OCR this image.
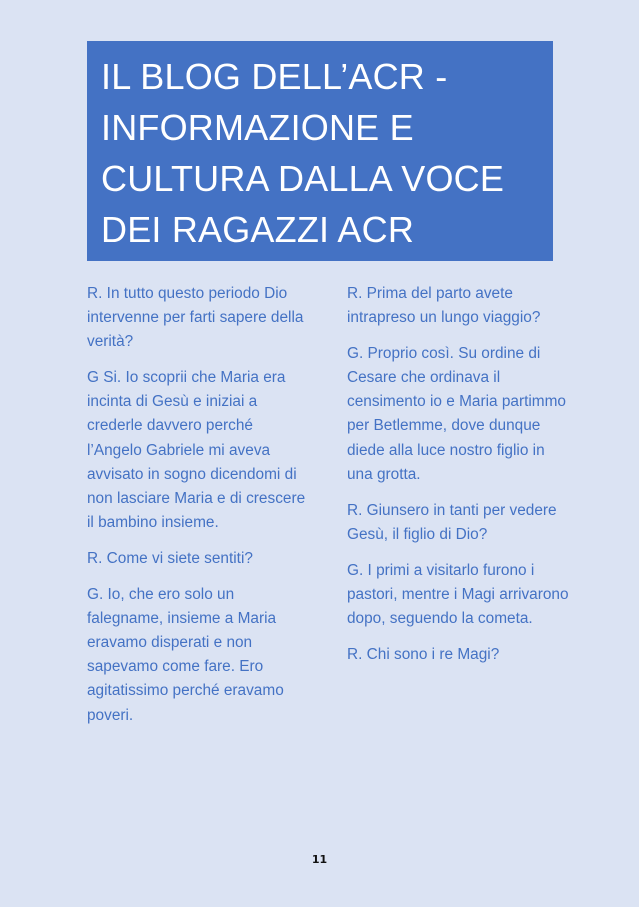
IL BLOG DELL’ACR - INFORMAZIONE E CULTURA DALLA VOCE DEI RAGAZZI ACR

R. In tutto questo periodo Dio intervenne per farti sapere della verità?

G Si. Io scoprii che Maria era incinta di Gesù e iniziai a crederle davvero perché l’Angelo Gabriele mi aveva avvisato in sogno dicendomi di non lasciare Maria e di crescere il bambino insieme.

R. Come vi siete sentiti?

G. Io, che ero solo un falegname, insieme a Maria eravamo disperati e non sapevamo come fare. Ero agitatissimo perché eravamo poveri.

R. Prima del parto avete intrapreso un lungo viaggio?

G. Proprio così. Su ordine di Cesare che ordinava il censimento io e Maria partimmo per Betlemme, dove dunque diede alla luce nostro figlio in una grotta.

R. Giunsero in tanti per vedere Gesù, il figlio di Dio?

G. I primi a visitarlo furono i pastori, mentre i Magi arrivarono dopo, seguendo la cometa.

R. Chi sono i re Magi?

11
